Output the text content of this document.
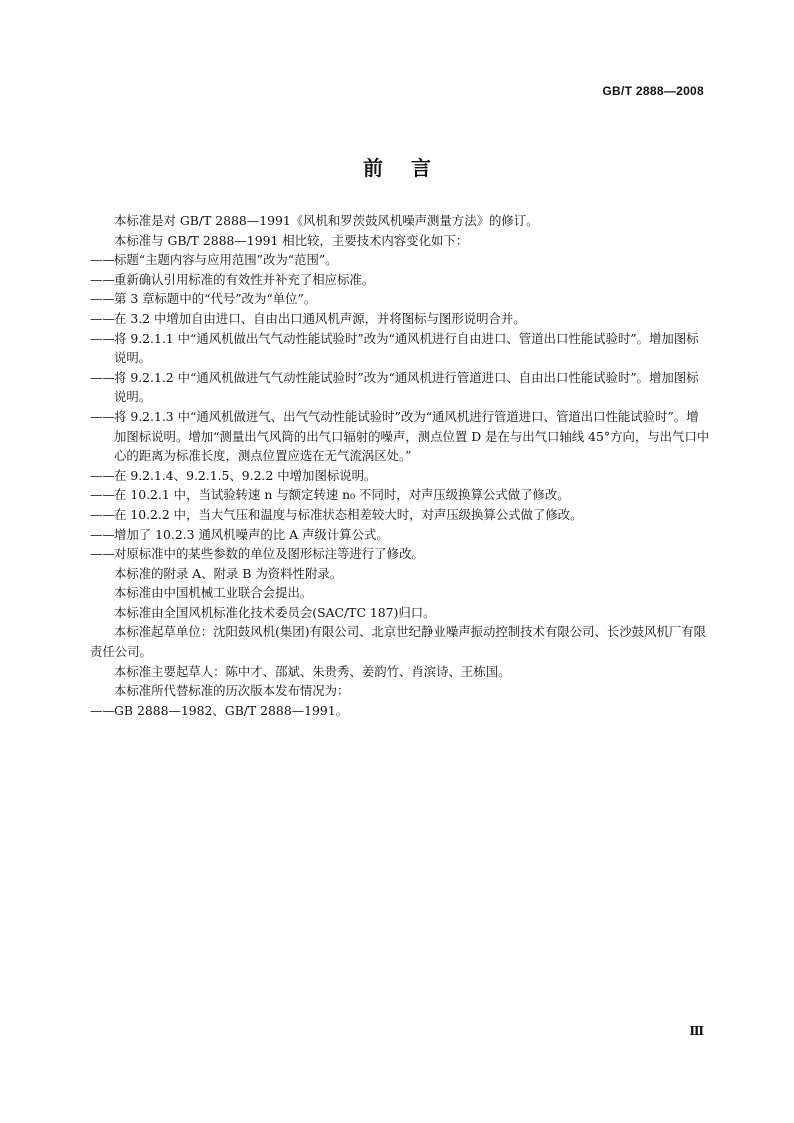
GB/T 2888—2008
前言

本标准是对 GB/T 2888—1991《风机和罗茨鼓风机噪声测量方法》的修订。

本标准与 GB/T 2888—1991 相比较，主要技术内容变化如下：

——标题“主题内容与应用范围”改为“范围”。

——重新确认引用标准的有效性并补充了相应标准。

——第 3 章标题中的“代号”改为“单位”。

——在 3.2 中增加自由进口、自由出口通风机声源，并将图标与图形说明合并。

——将 9.2.1.1 中“通风机做出气气动性能试验时”改为“通风机进行自由进口、管道出口性能试验时”。增加图标说明。

——将 9.2.1.2 中“通风机做进气气动性能试验时”改为“通风机进行管道进口、自由出口性能试验时”。增加图标说明。

——将 9.2.1.3 中“通风机做进气、出气气动性能试验时”改为“通风机进行管道进口、管道出口性能试验时”。增加图标说明。增加“测量出气风筒的出气口辐射的噪声，测点位置 D 是在与出气口轴线 45°方向，与出气口中心的距离为标准长度，测点位置应选在无气流涡区处。”

——在 9.2.1.4、9.2.1.5、9.2.2 中增加图标说明。

——在 10.2.1 中，当试验转速 n 与额定转速 n₀ 不同时，对声压级换算公式做了修改。

——在 10.2.2 中，当大气压和温度与标准状态相差较大时，对声压级换算公式做了修改。

——增加了 10.2.3 通风机噪声的比 A 声级计算公式。

——对原标准中的某些参数的单位及图形标注等进行了修改。

本标准的附录 A、附录 B 为资料性附录。

本标准由中国机械工业联合会提出。

本标准由全国风机标准化技术委员会(SAC/TC 187)归口。

本标准起草单位：沈阳鼓风机(集团)有限公司、北京世纪静业噪声振动控制技术有限公司、长沙鼓风机厂有限责任公司。

本标准主要起草人：陈中才、邵斌、朱贵秀、姜韵竹、肖滨诗、王栋国。

本标准所代替标准的历次版本发布情况为：

——GB 2888—1982、GB/T 2888—1991。

Ⅲ
